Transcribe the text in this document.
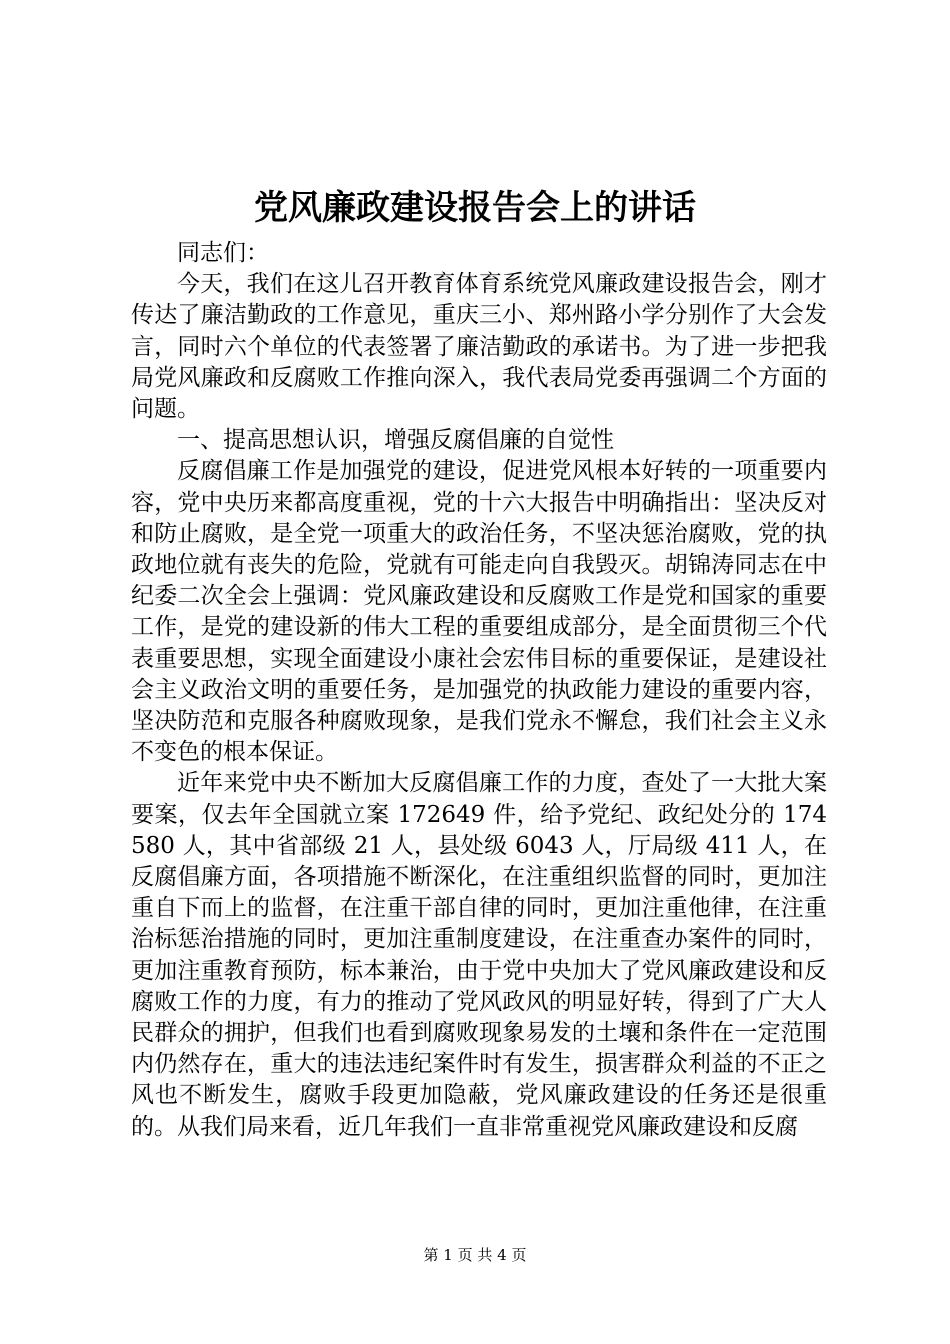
党风廉政建设报告会上的讲话

同志们：

今天，我们在这儿召开教育体育系统党风廉政建设报告会，刚才传达了廉洁勤政的工作意见，重庆三小、郑州路小学分别作了大会发言，同时六个单位的代表签署了廉洁勤政的承诺书。为了进一步把我局党风廉政和反腐败工作推向深入，我代表局党委再强调二个方面的问题。

一、提高思想认识，增强反腐倡廉的自觉性

反腐倡廉工作是加强党的建设，促进党风根本好转的一项重要内容，党中央历来都高度重视，党的十六大报告中明确指出：坚决反对和防止腐败，是全党一项重大的政治任务，不坚决惩治腐败，党的执政地位就有丧失的危险，党就有可能走向自我毁灭。胡锦涛同志在中纪委二次全会上强调：党风廉政建设和反腐败工作是党和国家的重要工作，是党的建设新的伟大工程的重要组成部分，是全面贯彻三个代表重要思想，实现全面建设小康社会宏伟目标的重要保证，是建设社会主义政治文明的重要任务，是加强党的执政能力建设的重要内容，坚决防范和克服各种腐败现象，是我们党永不懈怠，我们社会主义永不变色的根本保证。

近年来党中央不断加大反腐倡廉工作的力度，查处了一大批大案要案，仅去年全国就立案 172649 件，给予党纪、政纪处分的 174580 人，其中省部级 21 人，县处级 6043 人，厅局级 411 人，在反腐倡廉方面，各项措施不断深化，在注重组织监督的同时，更加注重自下而上的监督，在注重干部自律的同时，更加注重他律，在注重治标惩治措施的同时，更加注重制度建设，在注重查办案件的同时，更加注重教育预防，标本兼治，由于党中央加大了党风廉政建设和反腐败工作的力度，有力的推动了党风政风的明显好转，得到了广大人民群众的拥护，但我们也看到腐败现象易发的土壤和条件在一定范围内仍然存在，重大的违法违纪案件时有发生，损害群众利益的不正之风也不断发生，腐败手段更加隐蔽，党风廉政建设的任务还是很重的。从我们局来看，近几年我们一直非常重视党风廉政建设和反腐

第 1 页 共 4 页
